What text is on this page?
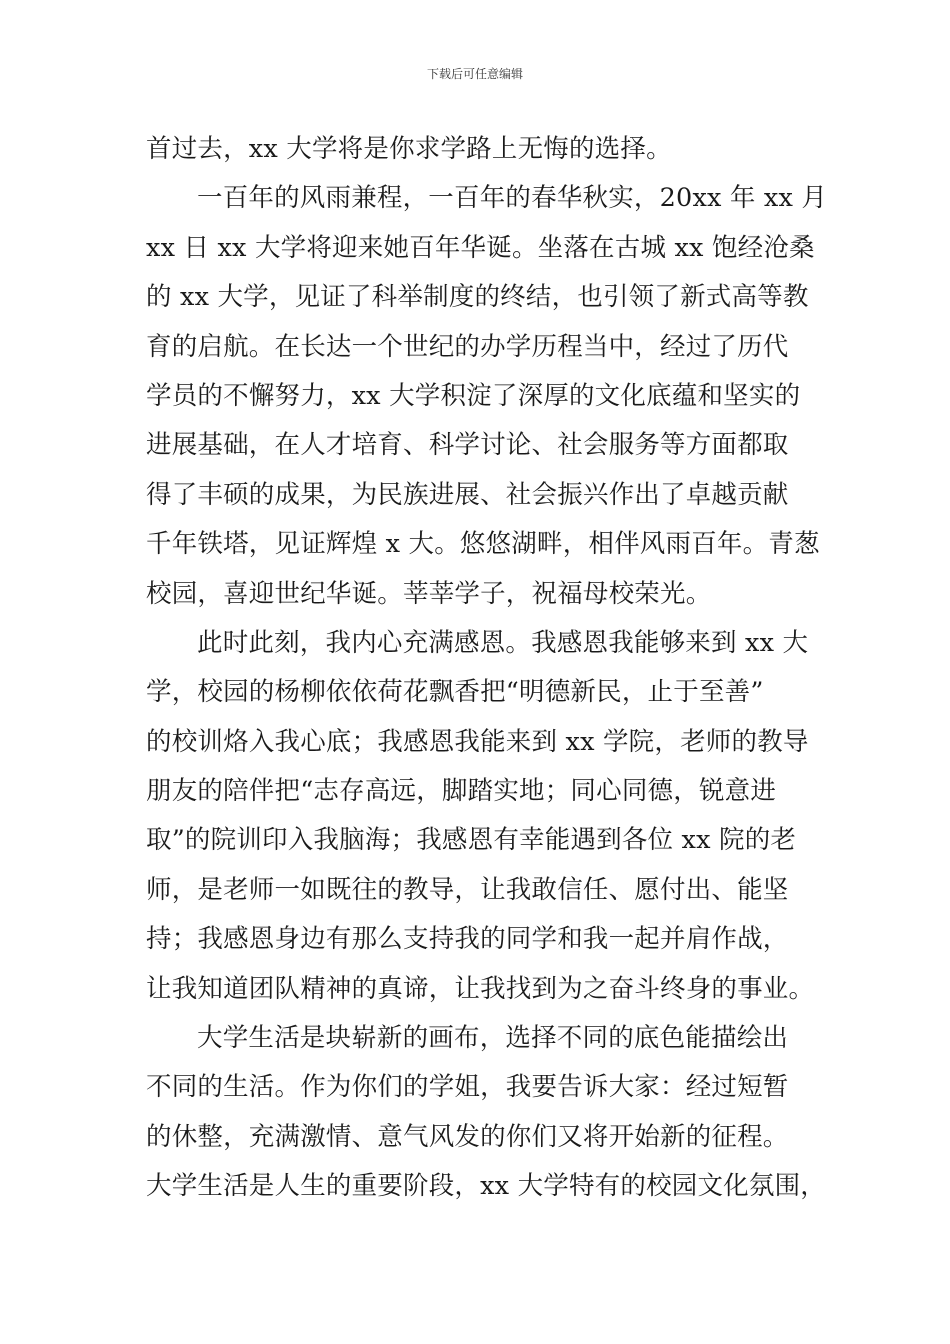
下载后可任意编辑
首过去，xx 大学将是你求学路上无悔的选择。
一百年的风雨兼程，一百年的春华秋实，20xx 年 xx 月
xx 日 xx 大学将迎来她百年华诞。坐落在古城 xx 饱经沧桑
的 xx 大学，见证了科举制度的终结，也引领了新式高等教
育的启航。在长达一个世纪的办学历程当中，经过了历代
学员的不懈努力，xx 大学积淀了深厚的文化底蕴和坚实的
进展基础，在人才培育、科学讨论、社会服务等方面都取
得了丰硕的成果，为民族进展、社会振兴作出了卓越贡献
千年铁塔，见证辉煌 x 大。悠悠湖畔，相伴风雨百年。青葱
校园，喜迎世纪华诞。莘莘学子，祝福母校荣光。
此时此刻，我内心充满感恩。我感恩我能够来到 xx 大
学，校园的杨柳依依荷花飘香把“明德新民，止于至善”
的校训烙入我心底；我感恩我能来到 xx 学院，老师的教导
朋友的陪伴把“志存高远，脚踏实地；同心同德，锐意进
取”的院训印入我脑海；我感恩有幸能遇到各位 xx 院的老
师，是老师一如既往的教导，让我敢信任、愿付出、能坚
持；我感恩身边有那么支持我的同学和我一起并肩作战，
让我知道团队精神的真谛，让我找到为之奋斗终身的事业。
大学生活是块崭新的画布，选择不同的底色能描绘出
不同的生活。作为你们的学姐，我要告诉大家：经过短暂
的休整，充满激情、意气风发的你们又将开始新的征程。
大学生活是人生的重要阶段，xx 大学特有的校园文化氛围，
